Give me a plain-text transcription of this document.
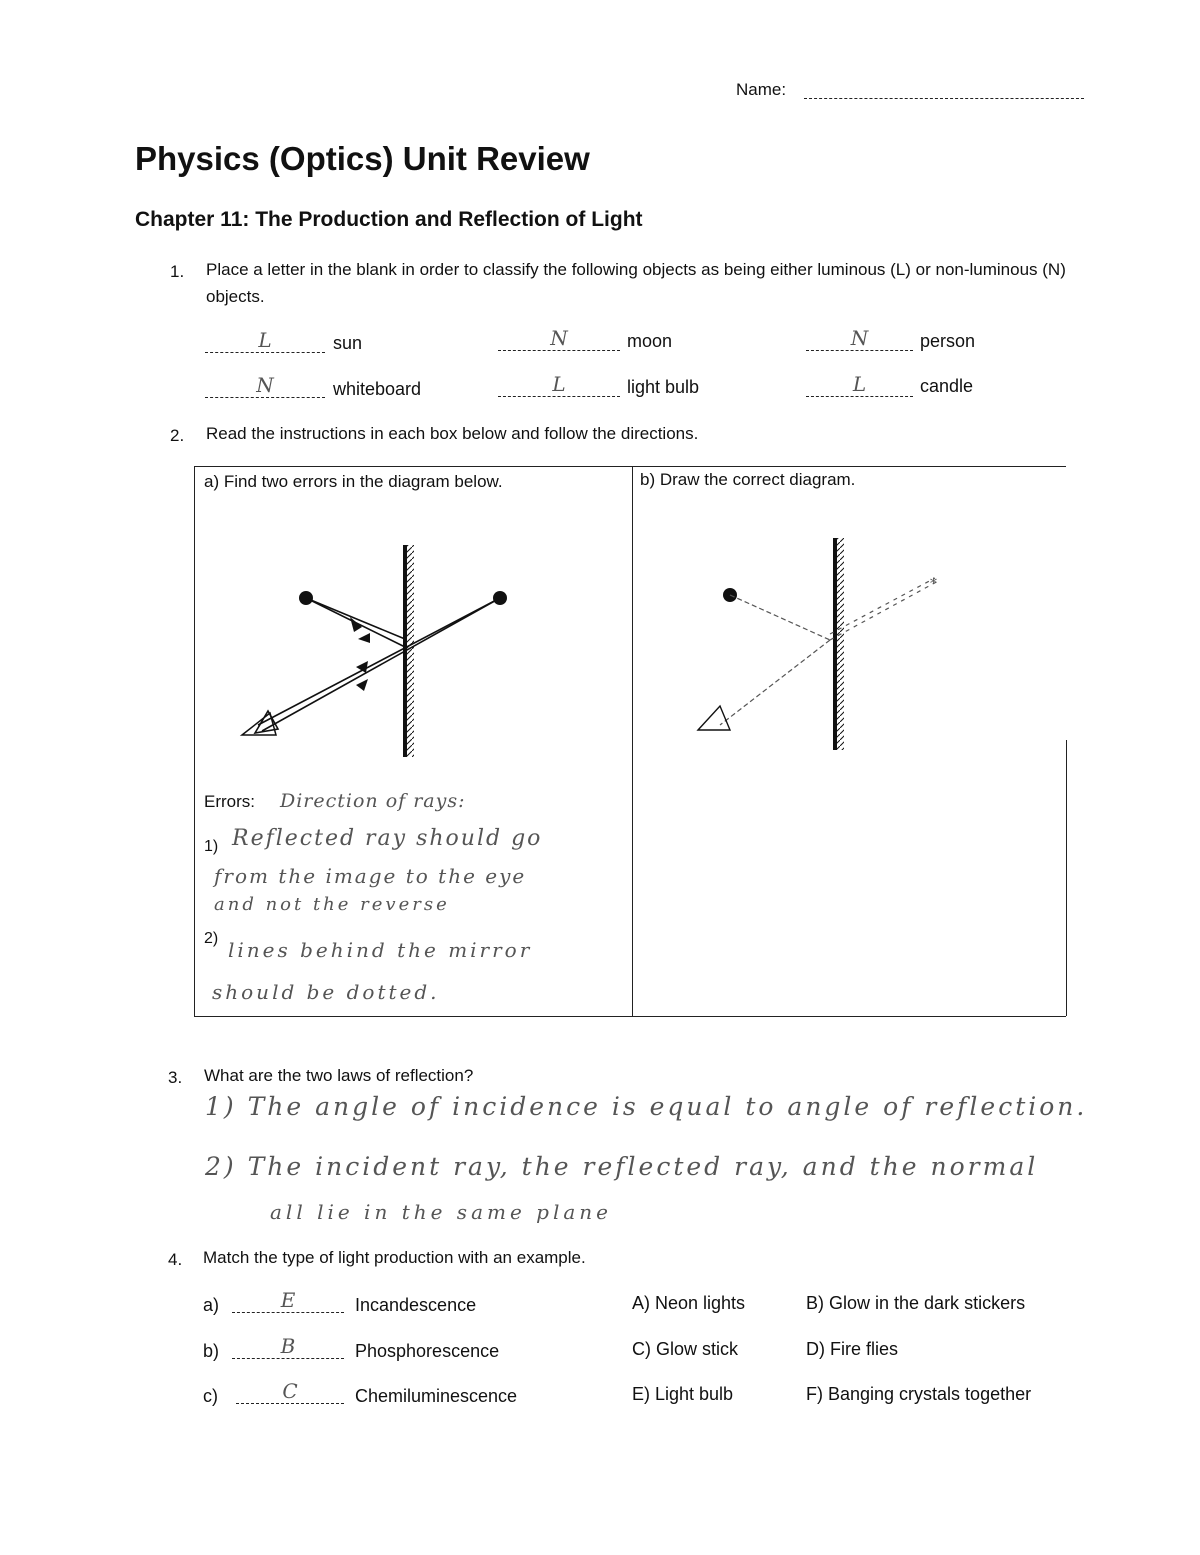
Name:
Physics (Optics) Unit Review
Chapter 11: The Production and Reflection of Light
1. Place a letter in the blank in order to classify the following objects as being either luminous (L) or non-luminous (N) objects.
L	sun	N	moon	N	person
N	whiteboard	L	light bulb	L	candle
2. Read the instructions in each box below and follow the directions.
a) Find two errors in the diagram below.	b) Draw the correct diagram.
*
Errors: Direction of rays:
1) Reflected ray should go
from the image to the eye
and not the reverse
2) lines behind the mirror
should be dotted.
3. What are the two laws of reflection?
1) The angle of incidence is equal to angle of reflection.
2) The incident ray, the reflected ray, and the normal
all lie in the same plane
4. Match the type of light production with an example.
a)	E	Incandescence
b)	B	Phosphorescence
c)	C	Chemiluminescence
A) Neon lights	B) Glow in the dark stickers
C) Glow stick	D) Fire flies
E) Light bulb	F) Banging crystals together
